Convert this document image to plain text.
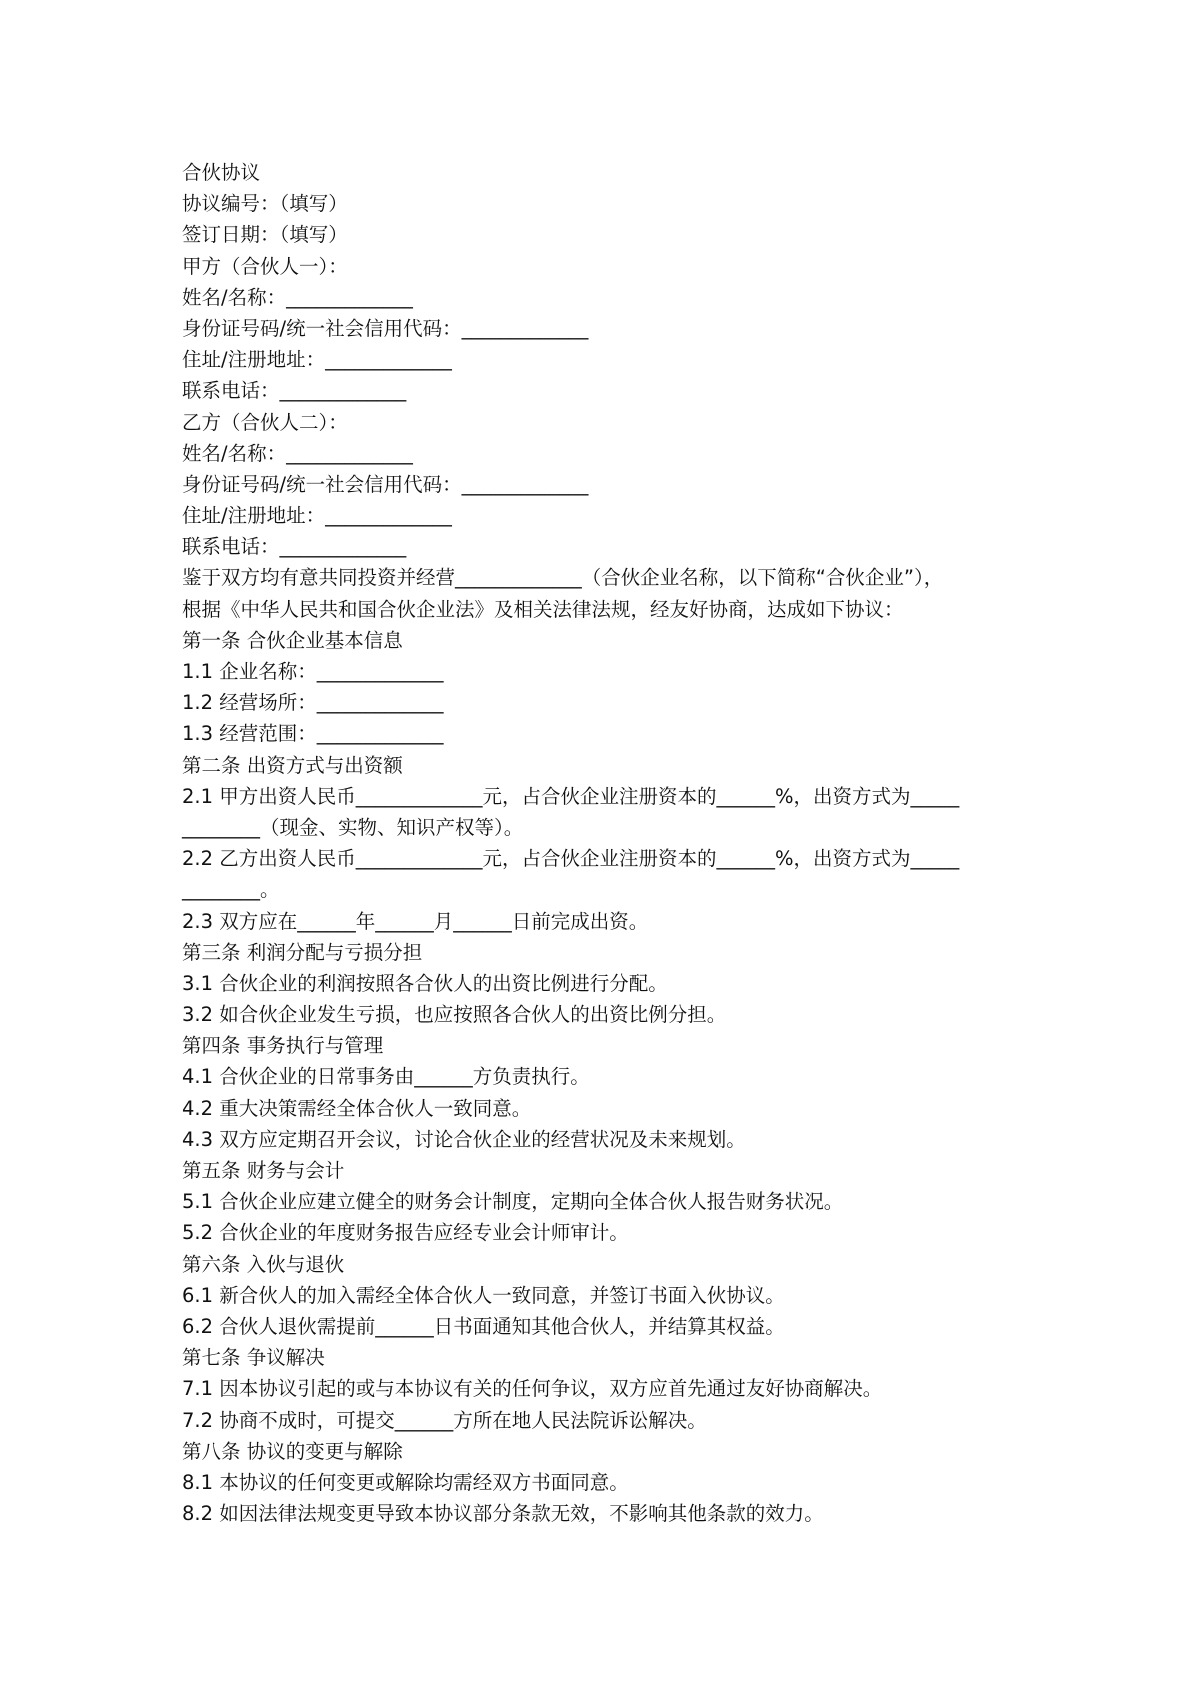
合伙协议
协议编号：（填写）
签订日期：（填写）
甲方（合伙人一）：
姓名/名称：_____________
身份证号码/统一社会信用代码：_____________
住址/注册地址：_____________
联系电话：_____________
乙方（合伙人二）：
姓名/名称：_____________
身份证号码/统一社会信用代码：_____________
住址/注册地址：_____________
联系电话：_____________
鉴于双方均有意共同投资并经营_____________（合伙企业名称，以下简称“合伙企业”），
根据《中华人民共和国合伙企业法》及相关法律法规，经友好协商，达成如下协议：
第一条 合伙企业基本信息
1.1 企业名称：_____________
1.2 经营场所：_____________
1.3 经营范围：_____________
第二条 出资方式与出资额
2.1 甲方出资人民币_____________元，占合伙企业注册资本的______%，出资方式为_____
________（现金、实物、知识产权等）。
2.2 乙方出资人民币_____________元，占合伙企业注册资本的______%，出资方式为_____
________。
2.3 双方应在______年______月______日前完成出资。
第三条 利润分配与亏损分担
3.1 合伙企业的利润按照各合伙人的出资比例进行分配。
3.2 如合伙企业发生亏损，也应按照各合伙人的出资比例分担。
第四条 事务执行与管理
4.1 合伙企业的日常事务由______方负责执行。
4.2 重大决策需经全体合伙人一致同意。
4.3 双方应定期召开会议，讨论合伙企业的经营状况及未来规划。
第五条 财务与会计
5.1 合伙企业应建立健全的财务会计制度，定期向全体合伙人报告财务状况。
5.2 合伙企业的年度财务报告应经专业会计师审计。
第六条 入伙与退伙
6.1 新合伙人的加入需经全体合伙人一致同意，并签订书面入伙协议。
6.2 合伙人退伙需提前______日书面通知其他合伙人，并结算其权益。
第七条 争议解决
7.1 因本协议引起的或与本协议有关的任何争议，双方应首先通过友好协商解决。
7.2 协商不成时，可提交______方所在地人民法院诉讼解决。
第八条 协议的变更与解除
8.1 本协议的任何变更或解除均需经双方书面同意。
8.2 如因法律法规变更导致本协议部分条款无效，不影响其他条款的效力。
